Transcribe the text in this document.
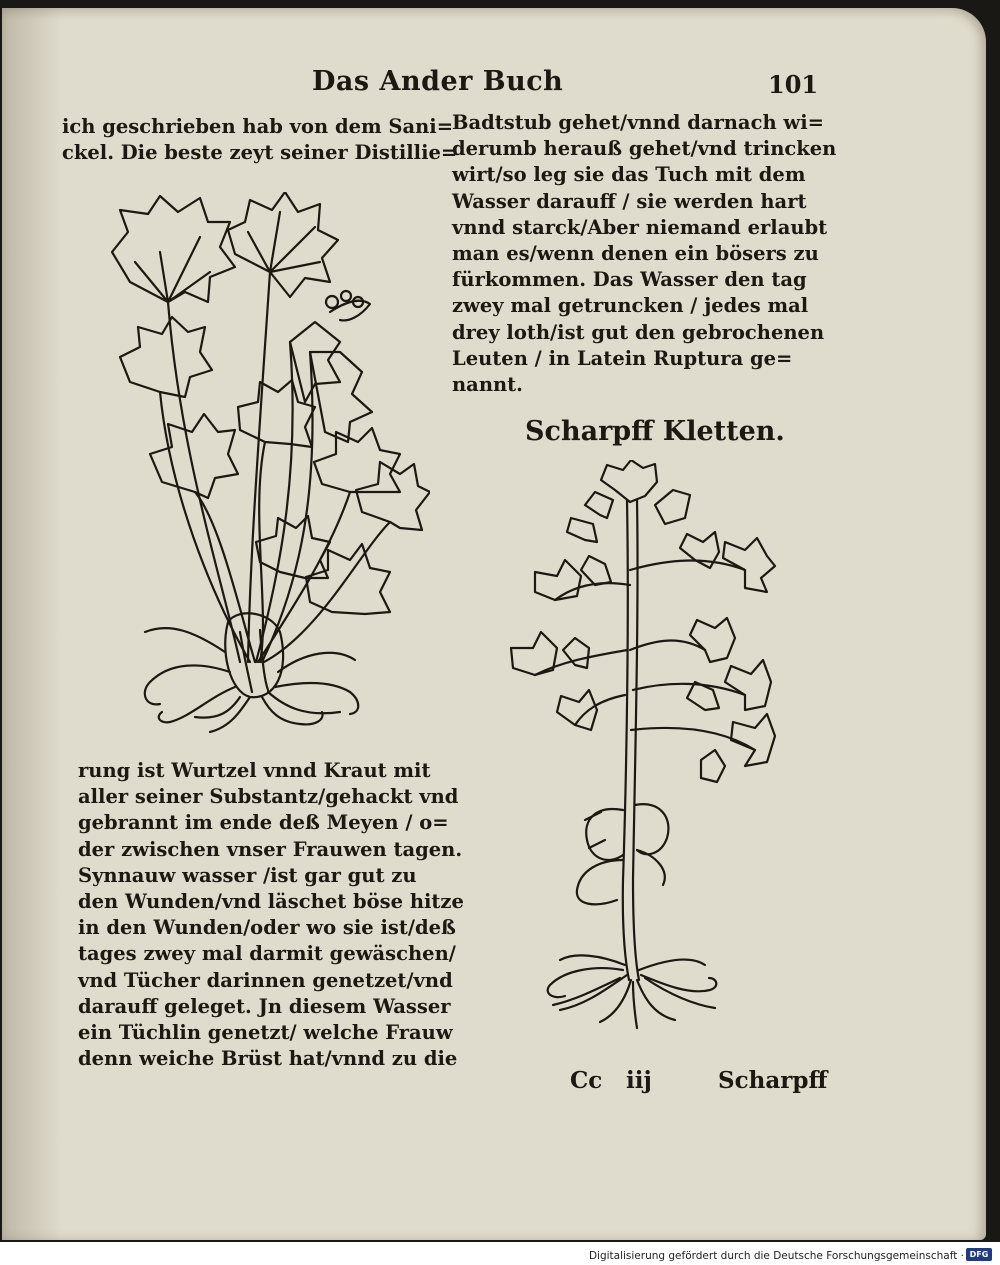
Das Ander Buch	101

ich geschrieben hab von dem Sani=
ckel. Die beste zeyt seiner Distillie=
Badtstub gehet/vnnd darnach wi=
derumb herauß gehet/vnd trincken
wirt/so leg sie das Tuch mit dem
Wasser darauff / sie werden hart
vnnd starck/Aber niemand erlaubt
man es/wenn denen ein bösers zu
fürkommen. Das Wasser den tag
zwey mal getruncken / jedes mal
drey loth/ist gut den gebrochenen
Leuten / in Latein Ruptura ge=
nannt.

Scharpff Kletten.

rung ist Wurtzel vnnd Kraut mit
aller seiner Substantz/gehackt vnd
gebrannt im ende deß Meyen / o=
der zwischen vnser Frauwen tagen.
Synnauw wasser /ist gar gut zu
den Wunden/vnd läschet böse hitze
in den Wunden/oder wo sie ist/deß
tages zwey mal darmit gewäschen/
vnd Tücher darinnen genetzet/vnd
darauff geleget. Jn diesem Wasser
ein Tüchlin genetzt/ welche Frauw
denn weiche Brüst hat/vnnd zu die

Cc iij	Scharpff

Digitalisierung gefördert durch die Deutsche Forschungsgemeinschaft · DFG
